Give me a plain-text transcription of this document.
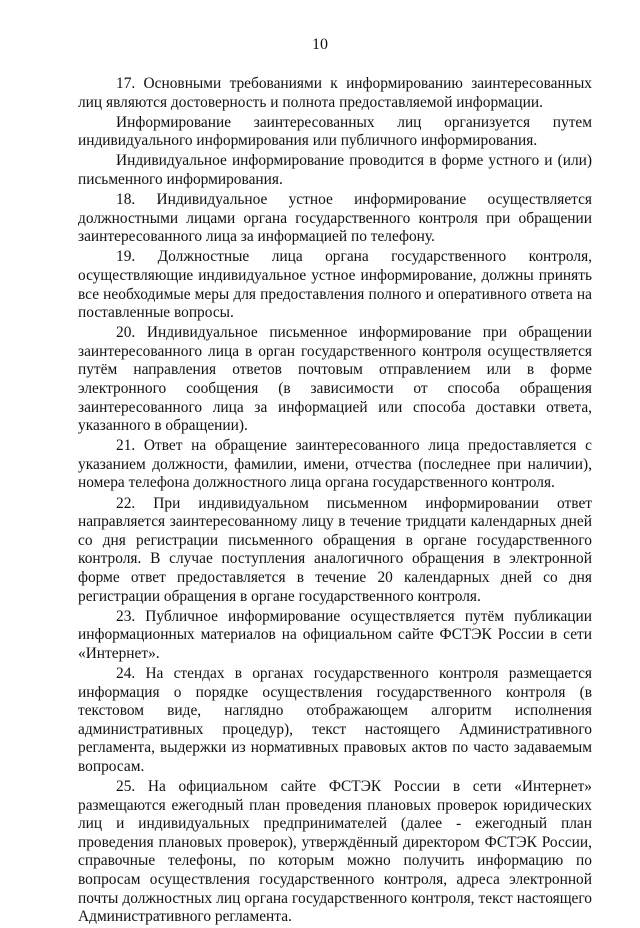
10

17. Основными требованиями к информированию заинтересованных лиц являются достоверность и полнота предоставляемой информации.

Информирование заинтересованных лиц организуется путем индивидуального информирования или публичного информирования.

Индивидуальное информирование проводится в форме устного и (или) письменного информирования.

18. Индивидуальное устное информирование осуществляется должностными лицами органа государственного контроля при обращении заинтересованного лица за информацией по телефону.

19. Должностные лица органа государственного контроля, осуществляющие индивидуальное устное информирование, должны принять все необходимые меры для предоставления полного и оперативного ответа на поставленные вопросы.

20. Индивидуальное письменное информирование при обращении заинтересованного лица в орган государственного контроля осуществляется путём направления ответов почтовым отправлением или в форме электронного сообщения (в зависимости от способа обращения заинтересованного лица за информацией или способа доставки ответа, указанного в обращении).

21. Ответ на обращение заинтересованного лица предоставляется с указанием должности, фамилии, имени, отчества (последнее при наличии), номера телефона должностного лица органа государственного контроля.

22. При индивидуальном письменном информировании ответ направляется заинтересованному лицу в течение тридцати календарных дней со дня регистрации письменного обращения в органе государственного контроля. В случае поступления аналогичного обращения в электронной форме ответ предоставляется в течение 20 календарных дней со дня регистрации обращения в органе государственного контроля.

23. Публичное информирование осуществляется путём публикации информационных материалов на официальном сайте ФСТЭК России в сети «Интернет».

24. На стендах в органах государственного контроля размещается информация о порядке осуществления государственного контроля (в текстовом виде, наглядно отображающем алгоритм исполнения административных процедур), текст настоящего Административного регламента, выдержки из нормативных правовых актов по часто задаваемым вопросам.

25. На официальном сайте ФСТЭК России в сети «Интернет» размещаются ежегодный план проведения плановых проверок юридических лиц и индивидуальных предпринимателей (далее - ежегодный план проведения плановых проверок), утверждённый директором ФСТЭК России, справочные телефоны, по которым можно получить информацию по вопросам осуществления государственного контроля, адреса электронной почты должностных лиц органа государственного контроля, текст настоящего Административного регламента.
